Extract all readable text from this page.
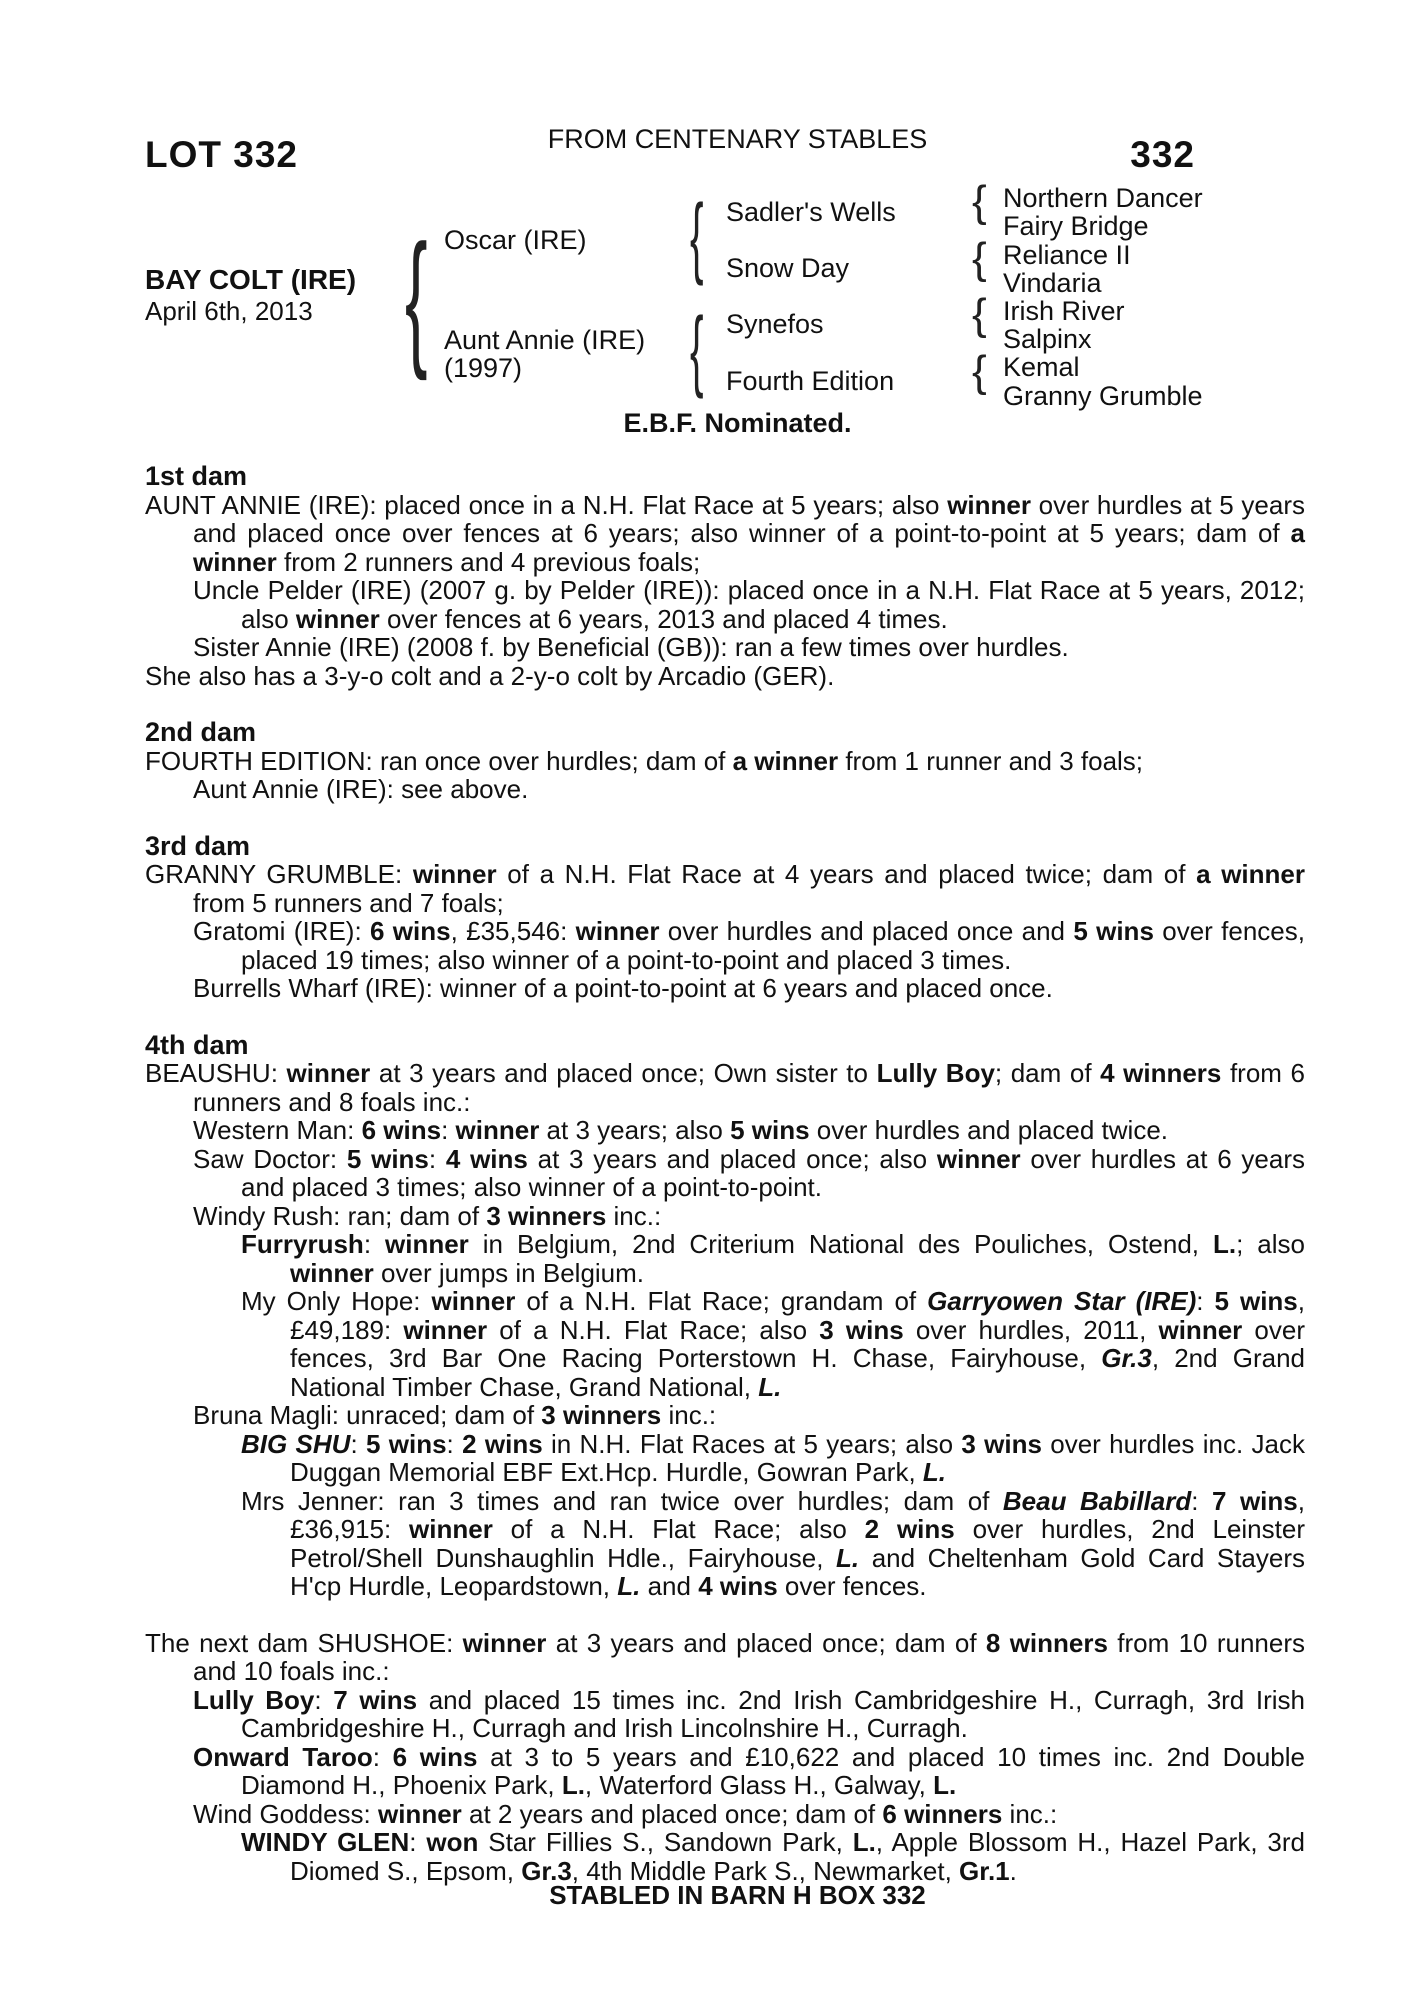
LOT 332	FROM CENTENARY STABLES	332
BAY COLT (IRE)
April 6th, 2013 { Oscar (IRE)
Aunt Annie (IRE)
(1997)
{
{
Sadler's Wells
Snow Day
Synefos
Fourth Edition
{
{
{
{
Northern Dancer
Fairy Bridge
Reliance II
Vindaria
Irish River
Salpinx
Kemal
Granny Grumble
E.B.F. Nominated.
1st dam
AUNT ANNIE (IRE): placed once in a N.H. Flat Race at 5 years; also winner over hurdles at 5 years and placed once over fences at 6 years; also winner of a point-to-point at 5 years; dam of a winner from 2 runners and 4 previous foals;
Uncle Pelder (IRE) (2007 g. by Pelder (IRE)): placed once in a N.H. Flat Race at 5 years, 2012; also winner over fences at 6 years, 2013 and placed 4 times.
Sister Annie (IRE) (2008 f. by Beneficial (GB)): ran a few times over hurdles.
She also has a 3-y-o colt and a 2-y-o colt by Arcadio (GER).
2nd dam
FOURTH EDITION: ran once over hurdles; dam of a winner from 1 runner and 3 foals;
Aunt Annie (IRE): see above.
3rd dam
GRANNY GRUMBLE: winner of a N.H. Flat Race at 4 years and placed twice; dam of a winner from 5 runners and 7 foals;
Gratomi (IRE): 6 wins, £35,546: winner over hurdles and placed once and 5 wins over fences, placed 19 times; also winner of a point-to-point and placed 3 times.
Burrells Wharf (IRE): winner of a point-to-point at 6 years and placed once.
4th dam
BEAUSHU: winner at 3 years and placed once; Own sister to Lully Boy; dam of 4 winners from 6 runners and 8 foals inc.:
Western Man: 6 wins: winner at 3 years; also 5 wins over hurdles and placed twice.
Saw Doctor: 5 wins: 4 wins at 3 years and placed once; also winner over hurdles at 6 years and placed 3 times; also winner of a point-to-point.
Windy Rush: ran; dam of 3 winners inc.:
Furryrush: winner in Belgium, 2nd Criterium National des Pouliches, Ostend, L.; also winner over jumps in Belgium.
My Only Hope: winner of a N.H. Flat Race; grandam of Garryowen Star (IRE): 5 wins, £49,189: winner of a N.H. Flat Race; also 3 wins over hurdles, 2011, winner over fences, 3rd Bar One Racing Porterstown H. Chase, Fairyhouse, Gr.3, 2nd Grand National Timber Chase, Grand National, L.
Bruna Magli: unraced; dam of 3 winners inc.:
BIG SHU: 5 wins: 2 wins in N.H. Flat Races at 5 years; also 3 wins over hurdles inc. Jack Duggan Memorial EBF Ext.Hcp. Hurdle, Gowran Park, L.
Mrs Jenner: ran 3 times and ran twice over hurdles; dam of Beau Babillard: 7 wins, £36,915: winner of a N.H. Flat Race; also 2 wins over hurdles, 2nd Leinster Petrol/Shell Dunshaughlin Hdle., Fairyhouse, L. and Cheltenham Gold Card Stayers H'cp Hurdle, Leopardstown, L. and 4 wins over fences.
The next dam SHUSHOE: winner at 3 years and placed once; dam of 8 winners from 10 runners and 10 foals inc.:
Lully Boy: 7 wins and placed 15 times inc. 2nd Irish Cambridgeshire H., Curragh, 3rd Irish Cambridgeshire H., Curragh and Irish Lincolnshire H., Curragh.
Onward Taroo: 6 wins at 3 to 5 years and £10,622 and placed 10 times inc. 2nd Double Diamond H., Phoenix Park, L., Waterford Glass H., Galway, L.
Wind Goddess: winner at 2 years and placed once; dam of 6 winners inc.:
WINDY GLEN: won Star Fillies S., Sandown Park, L., Apple Blossom H., Hazel Park, 3rd Diomed S., Epsom, Gr.3, 4th Middle Park S., Newmarket, Gr.1.
STABLED IN BARN H BOX 332
